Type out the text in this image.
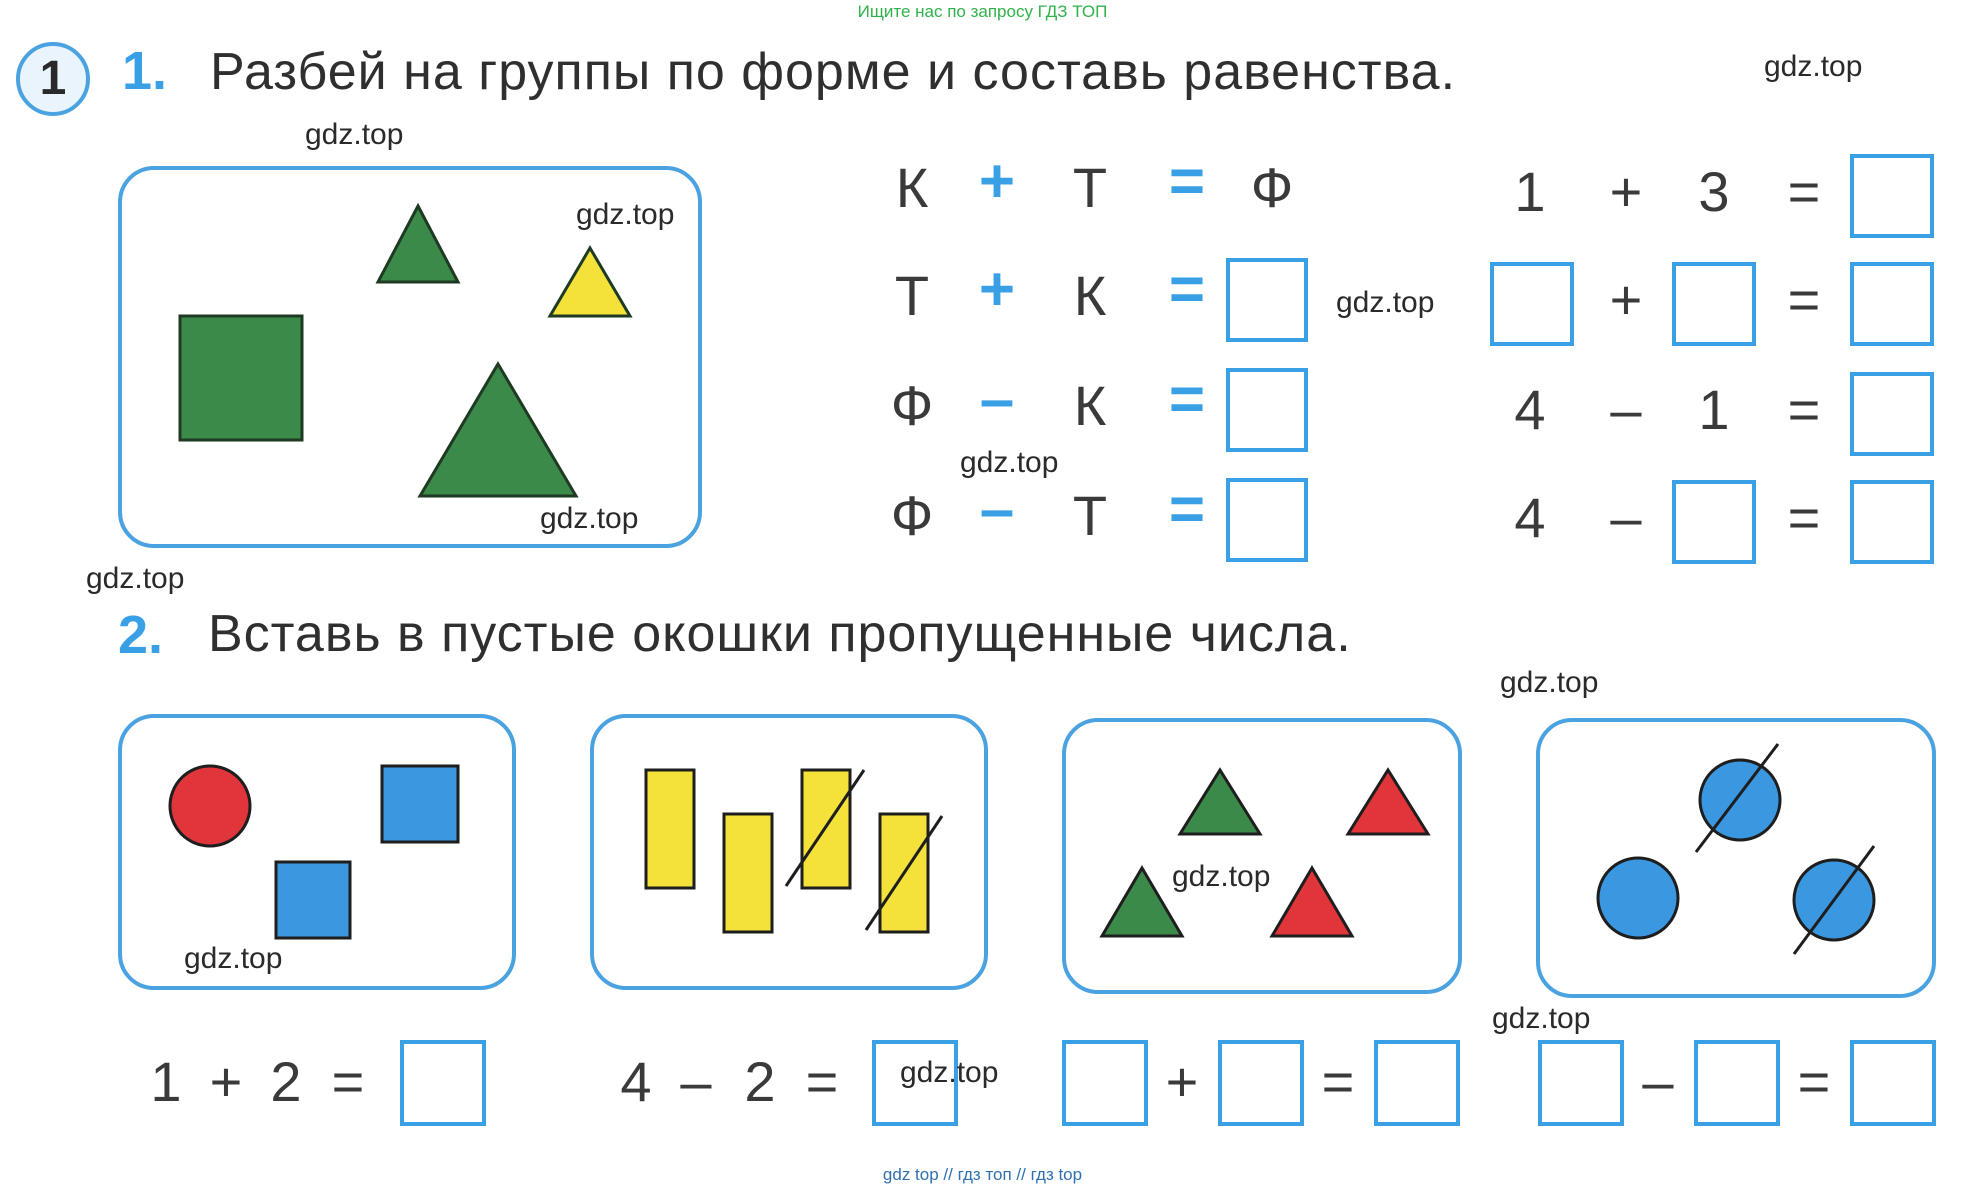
Ищите нас по запросу ГДЗ ТОП
gdz top // гдз топ // гдз top
1	1. Разбей на группы по форме и составь равенства.
К +	Т = Ф
Т +	К =
Ф –	К =
Ф –	Т =
1 + 3 =
+	=
4 – 1 =
4 –	=
2. Вставь в пустые окошки пропущенные числа.
1 + 2 =	4 – 2 =	+ =	– =
gdz.top
gdz.top
gdz.top
gdz.top
gdz.top
gdz.top
gdz.top
gdz.top
gdz.top
gdz.top
gdz.top
gdz.top
